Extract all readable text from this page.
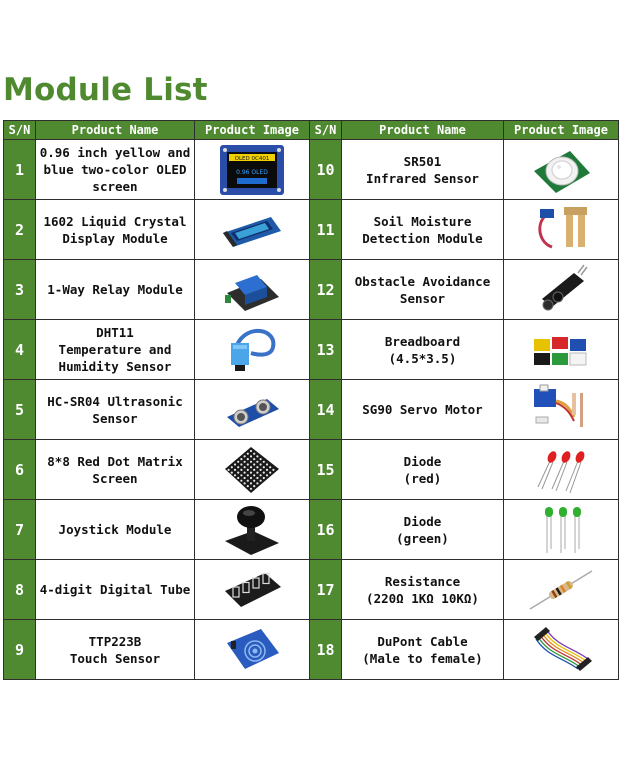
Module List
S/N	Product Name	Product Image	S/N	Product Name	Product Image
1	0.96 inch yellow and
blue two-color OLED
screen	OLED 0C401
0.96 OLED	10	SR501
Infrared Sensor	

2	1602 Liquid Crystal
Display Module		11	Soil Moisture
Detection Module	

3	1-Way Relay Module		12	Obstacle Avoidance
Sensor	

4	DHT11
Temperature and
Humidity Sensor		13	Breadboard
(4.5*3.5)	

5	HC-SR04 Ultrasonic
Sensor		14	SG90 Servo Motor	

6	8*8 Red Dot Matrix
Screen		15	Diode
(red)	

7	Joystick Module		16	Diode
(green)	

8	4-digit Digital Tube		17	Resistance
(220Ω 1KΩ 10KΩ)	

9	TTP223B
Touch Sensor		18	DuPont Cable
(Male to female)	
